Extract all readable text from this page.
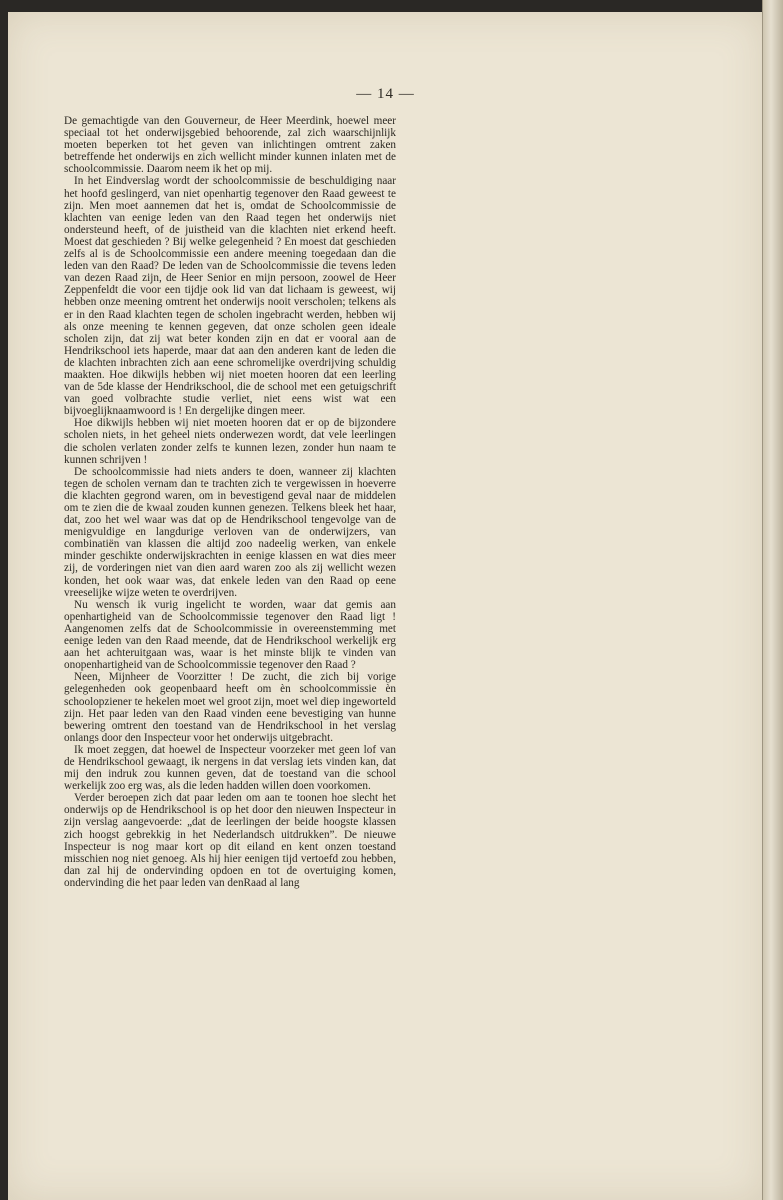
— 14 —

De gemachtigde van den Gouverneur, de Heer Meerdink, hoewel meer speciaal tot het onderwijsgebied behoorende, zal zich waarschijnlijk moeten beperken tot het geven van inlichtingen omtrent zaken betreffende het onderwijs en zich wellicht minder kunnen inlaten met de schoolcommissie. Daarom neem ik het op mij.

In het Eindverslag wordt der schoolcommissie de beschuldiging naar het hoofd geslingerd, van niet openhartig tegenover den Raad geweest te zijn. Men moet aannemen dat het is, omdat de Schoolcommissie de klachten van eenige leden van den Raad tegen het onderwijs niet ondersteund heeft, of de juistheid van die klachten niet erkend heeft. Moest dat geschieden ? Bij welke gelegenheid ? En moest dat geschieden zelfs al is de Schoolcommissie een andere meening toegedaan dan die leden van den Raad? De leden van de Schoolcommissie die tevens leden van dezen Raad zijn, de Heer Senior en mijn persoon, zoowel de Heer Zeppenfeldt die voor een tijdje ook lid van dat lichaam is geweest, wij hebben onze meening omtrent het onderwijs nooit verscholen; telkens als er in den Raad klachten tegen de scholen ingebracht werden, hebben wij als onze meening te kennen gegeven, dat onze scholen geen ideale scholen zijn, dat zij wat beter konden zijn en dat er vooral aan de Hendrikschool iets haperde, maar dat aan den anderen kant de leden die de klachten inbrachten zich aan eene schromelijke overdrijving schuldig maakten. Hoe dikwijls hebben wij niet moeten hooren dat een leerling van de 5de klasse der Hendrikschool, die de school met een getuigschrift van goed volbrachte studie verliet, niet eens wist wat een bijvoeglijknaamwoord is ! En dergelijke dingen meer.

Hoe dikwijls hebben wij niet moeten hooren dat er op de bijzondere scholen niets, in het geheel niets onderwezen wordt, dat vele leerlingen die scholen verlaten zonder zelfs te kunnen lezen, zonder hun naam te kunnen schrijven !

De schoolcommissie had niets anders te doen, wanneer zij klachten tegen de scholen vernam dan te trachten zich te vergewissen in hoeverre die klachten gegrond waren, om in bevestigend geval naar de middelen om te zien die de kwaal zouden kunnen genezen. Telkens bleek het haar, dat, zoo het wel waar was dat op de Hendrikschool tengevolge van de menigvuldige en langdurige verloven van de onderwijzers, van combinatiën van klassen die altijd zoo nadeelig werken, van enkele minder geschikte onderwijskrachten in eenige klassen en wat dies meer zij, de vorderingen niet van dien aard waren zoo als zij wellicht wezen konden, het ook waar was, dat enkele leden van den Raad op eene vreeselijke wijze weten te overdrijven.

Nu wensch ik vurig ingelicht te worden, waar dat gemis aan openhartigheid van de Schoolcommissie tegenover den Raad ligt ! Aangenomen zelfs dat de Schoolcommissie in overeenstemming met eenige leden van den Raad meende, dat de Hendrikschool werkelijk erg aan het achteruitgaan was, waar is het minste blijk te vinden van onopenhartigheid van de Schoolcommissie tegenover den Raad ?

Neen, Mijnheer de Voorzitter ! De zucht, die zich bij vorige gelegenheden ook geopenbaard heeft om èn schoolcommissie èn schoolopziener te hekelen moet wel groot zijn, moet wel diep ingeworteld zijn. Het paar leden van den Raad vinden eene bevestiging van hunne bewering omtrent den toestand van de Hendrikschool in het verslag onlangs door den Inspecteur voor het onderwijs uitgebracht.

Ik moet zeggen, dat hoewel de Inspecteur voorzeker met geen lof van de Hendrikschool gewaagt, ik nergens in dat verslag iets vinden kan, dat mij den indruk zou kunnen geven, dat de toestand van die school werkelijk zoo erg was, als die leden hadden willen doen voorkomen.

Verder beroepen zich dat paar leden om aan te toonen hoe slecht het onderwijs op de Hendrikschool is op het door den nieuwen Inspecteur in zijn verslag aangevoerde: „dat de leerlingen der beide hoogste klassen zich hoogst gebrekkig in het Nederlandsch uitdrukken”. De nieuwe Inspecteur is nog maar kort op dit eiland en kent onzen toestand misschien nog niet genoeg. Als hij hier eenigen tijd vertoefd zou hebben, dan zal hij de ondervinding opdoen en tot de overtuiging komen, ondervinding die het paar leden van denRaad al lang
